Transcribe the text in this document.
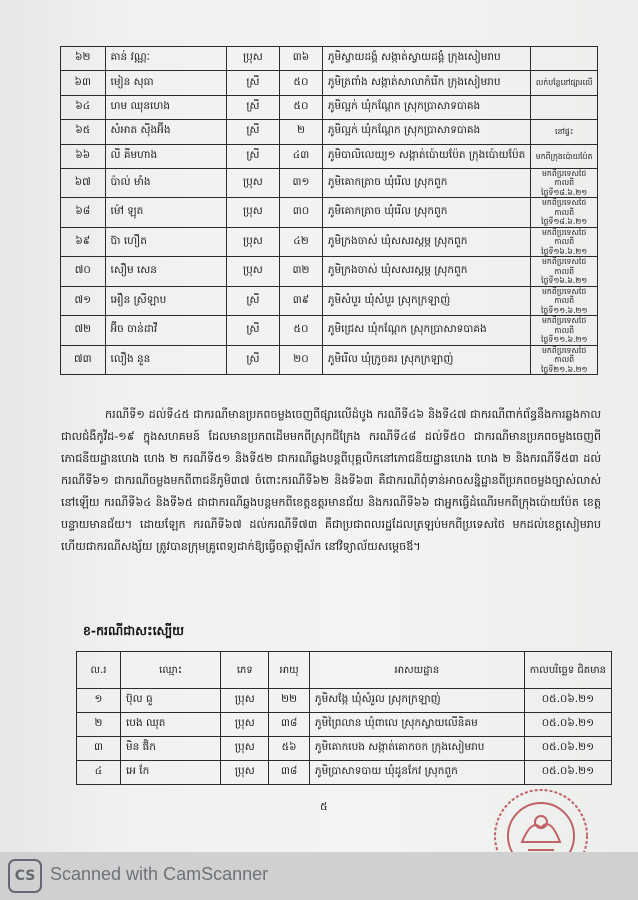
៦២	គាន់ វណ្ណៈ	ប្រុស	៣៦	ភូមិស្វាយដង្គំ សង្កាត់ស្វាយដង្គំ ក្រុងសៀមរាប	
៦៣	មៀន សុធា	ស្រី	៥០	ភូមិត្រពាំង សង្កាត់សាលាកំរើក ក្រុងសៀមរាប	លក់បន្លែនៅផ្សារលើ
៦៤	ហម ឈុនហេង	ស្រី	៥០	ភូមិល្អក់ ឃុំកណ្ដែក ស្រុកប្រាសាទបាគង	
៦៥	សំអាត ស៊ីងអ៊ីង	ស្រី	២	ភូមិល្អក់ ឃុំកណ្ដែក ស្រុកប្រាសាទបាគង	នៅផ្ទះ
៦៦	លី គីមហាង	ស្រី	៤៣	ភូមិបាលិលេយ្យ១ សង្កាត់ប៉ោយប៉ែត ក្រុងប៉ោយប៉ែត	មកពីក្រុងប៉ោយប៉ែត
៦៧	ប៉ាល់ មាំង	ប្រុស	៣១	ភូមិគោកត្រាច ឃុំរើល ស្រុកពួក	មកពីប្រទេសថៃ កាលពីថ្ងៃទី១៨.៦.២១
៦៨	ម៉ៅ ឡុត	ប្រុស	៣០	ភូមិគោកត្រាច ឃុំរើល ស្រុកពួក	មកពីប្រទេសថៃ កាលពីថ្ងៃទី១៨.៦.២១
៦៩	ប៊ា ហឿត	ប្រុស	៤២	ភូមិក្រងចាស់ ឃុំសសរស្តម្ភ ស្រុកពួក	មកពីប្រទេសថៃ កាលពីថ្ងៃទី១៦.៦.២១
៧០	សឿម សេន	ប្រុស	៣២	ភូមិក្រងចាស់ ឃុំសសរស្តម្ភ ស្រុកពួក	មកពីប្រទេសថៃ កាលពីថ្ងៃទី១៦.៦.២១
៧១	អឿន ស្រីឡាប	ស្រី	៣៩	ភូមិសំបួរ ឃុំសំបួរ ស្រុកក្រឡាញ់	មកពីប្រទេសថៃ កាលពីថ្ងៃទី១១.៦.២១
៧២	អ៊ីច ចាន់ដាវី	ស្រី	៥០	ភូមិជ្រេស ឃុំកណ្ដែក ស្រុកប្រាសាទបាគង	មកពីប្រទេសថៃ កាលពីថ្ងៃទី១១.៦.២១
៧៣	លឿង នួន	ស្រី	២០	ភូមិរើល ឃុំក្រូចគរ ស្រុកក្រឡាញ់	មកពីប្រទេសថៃ កាលពីថ្ងៃទី២១.៦.២១

ករណីទី១ ដល់ទី៤៥ ជាករណីមានប្រភពចម្លងចេញពីផ្សារលើដំបូង ករណីទី៤៦ និងទី៤៧ ជាករណីពាក់ព័ន្ធនឹងការឆ្លងកាលជាលជំងឺកូវីដ-១៩ ក្នុងសហគមន៍ ដែលមានប្រភពដើមមកពីស្រុកជីក្រែង ករណីទី៤៨ ដល់ទី៥០ ជាករណីមានប្រភពចម្លងចេញពីភោជនីយដ្ឋានហេង ហេង ២ ករណីទី៥១ និងទី៥២ ជាករណីឆ្លងបន្តពីបុគ្គលិកនៅភោជនីយដ្ឋានហេង ហេង ២ និងករណីទី៥៣ ដល់ករណីទី៦១ ជាករណីចម្លងមកពីពាជនីភូមិ៣៧ ចំពោះករណីទី៦២ និងទី៦៣ គឺជាករណីពុំទាន់អាចសន្និដ្ឋានពីប្រភពចម្លងច្បាស់លាស់នៅឡើយ ករណីទី៦៤ និងទី៦៥ ជាជាករណីឆ្លងបន្តមកពីខេត្តឧត្តរមានជ័យ និងករណីទី៦៦ ជាអ្នកធ្វើដំណើរមកពីក្រុងប៉ោយប៉ែត ខេត្តបន្ទាយមានជ័យ។ ដោយឡែក ករណីទី៦៧ ដល់ករណីទី៧៣ គឺជាប្រជាពលរដ្ឋដែលត្រឡប់មកពីប្រទេសថៃ មកដល់ខេត្តសៀមរាប ហើយជាករណីសង្ស័យ ត្រូវបានក្រុមគ្រូពេទ្យដាក់ឱ្យធ្វើចត្តាឡីស័ក នៅវិទ្យាល័យសម្ដេចឪ។

ខ-ករណីជាសះស្បើយ
ល.រ	ឈ្មោះ	ភេទ	អាយុ	អាសយដ្ឋាន	កាលបរិច្ឆេទ ជិតមាន
១	ប៊ុល ធួ	ប្រុស	២២	ភូមិសង្កែ ឃុំសំរួល ស្រុកក្រឡាញ់	០៥.០៦.២១
២	បេង ឈុត	ប្រុស	៣៨	ភូមិព្រៃលាន ឃុំពាលេ ស្រុកស្វាយលើនិគម	០៥.០៦.២១
៣	មិន ផ៊ិក	ប្រុស	៥៦	ភូមិគោកបេង សង្កាត់គោកចក ក្រុងសៀមរាប	០៥.០៦.២១
៤	អេ កែ	ប្រុស	៣៨	ភូមិប្រាសាទបាយ ឃុំដូនកែវ ស្រុកពួក	០៥.០៦.២១
៥
CS Scanned with CamScanner
